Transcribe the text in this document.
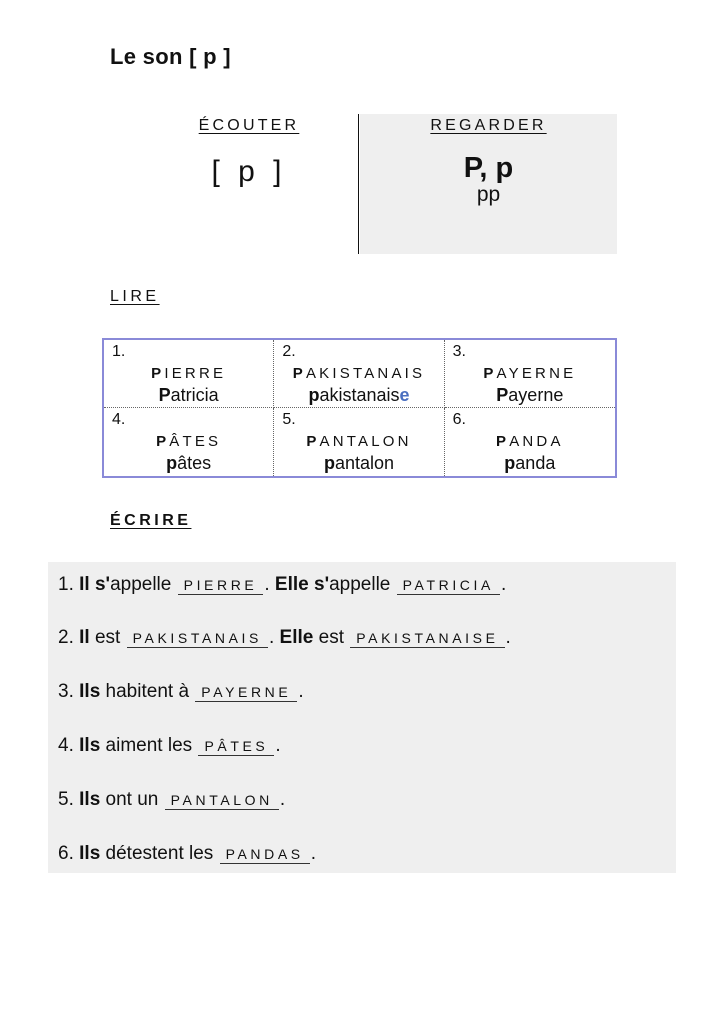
Le son [ p ]
ÉCOUTER
[ p ]
REGARDER
P, p
pp
LIRE
1.
PIERRE
Patricia
2.
PAKISTANAIS
pakistanaise
3.
PAYERNE
Payerne
4.
PÂTES
pâtes
5.
PANTALON
pantalon
6.
PANDA
panda
ÉCRIRE
1. Il s'appelle PIERRE . Elle s'appelle PATRICIA .
2. Il est PAKISTANAIS . Elle est PAKISTANAISE .
3. Ils habitent à PAYERNE .
4. Ils aiment les PÂTES .
5. Ils ont un PANTALON .
6. Ils détestent les PANDAS .
